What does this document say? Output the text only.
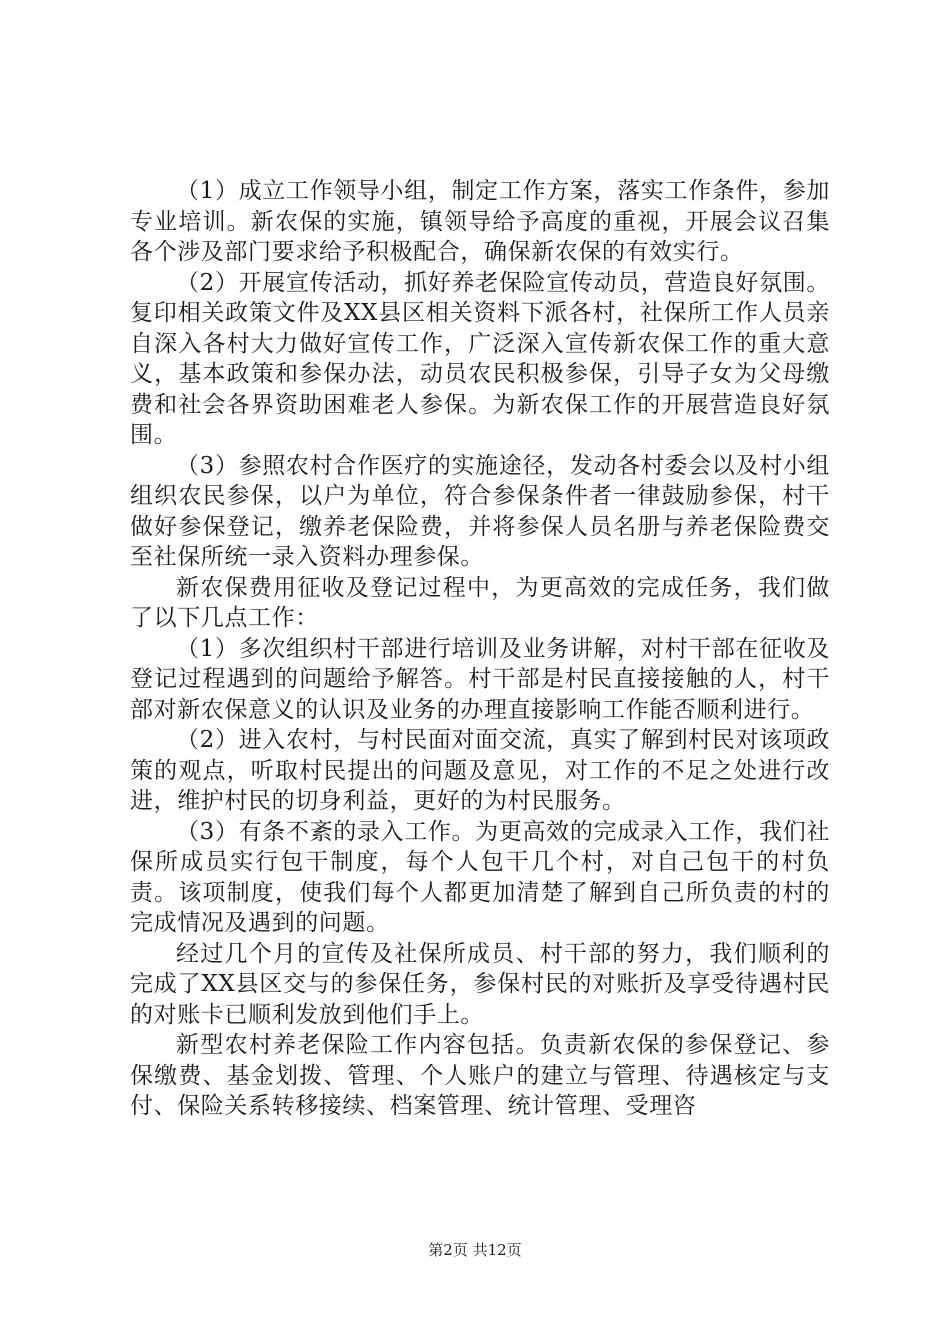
（1）成立工作领导小组，制定工作方案，落实工作条件，参加专业培训。新农保的实施，镇领导给予高度的重视，开展会议召集各个涉及部门要求给予积极配合，确保新农保的有效实行。

（2）开展宣传活动，抓好养老保险宣传动员，营造良好氛围。复印相关政策文件及XX县区相关资料下派各村，社保所工作人员亲自深入各村大力做好宣传工作，广泛深入宣传新农保工作的重大意义，基本政策和参保办法，动员农民积极参保，引导子女为父母缴费和社会各界资助困难老人参保。为新农保工作的开展营造良好氛围。

（3）参照农村合作医疗的实施途径，发动各村委会以及村小组组织农民参保，以户为单位，符合参保条件者一律鼓励参保，村干做好参保登记，缴养老保险费，并将参保人员名册与养老保险费交至社保所统一录入资料办理参保。

新农保费用征收及登记过程中，为更高效的完成任务，我们做了以下几点工作：

（1）多次组织村干部进行培训及业务讲解，对村干部在征收及登记过程遇到的问题给予解答。村干部是村民直接接触的人，村干部对新农保意义的认识及业务的办理直接影响工作能否顺利进行。

（2）进入农村，与村民面对面交流，真实了解到村民对该项政策的观点，听取村民提出的问题及意见，对工作的不足之处进行改进，维护村民的切身利益，更好的为村民服务。

（3）有条不紊的录入工作。为更高效的完成录入工作，我们社保所成员实行包干制度，每个人包干几个村，对自己包干的村负责。该项制度，使我们每个人都更加清楚了解到自己所负责的村的完成情况及遇到的问题。

经过几个月的宣传及社保所成员、村干部的努力，我们顺利的完成了XX县区交与的参保任务，参保村民的对账折及享受待遇村民的对账卡已顺利发放到他们手上。

新型农村养老保险工作内容包括。负责新农保的参保登记、参保缴费、基金划拨、管理、个人账户的建立与管理、待遇核定与支付、保险关系转移接续、档案管理、统计管理、受理咨

第2页 共12页
